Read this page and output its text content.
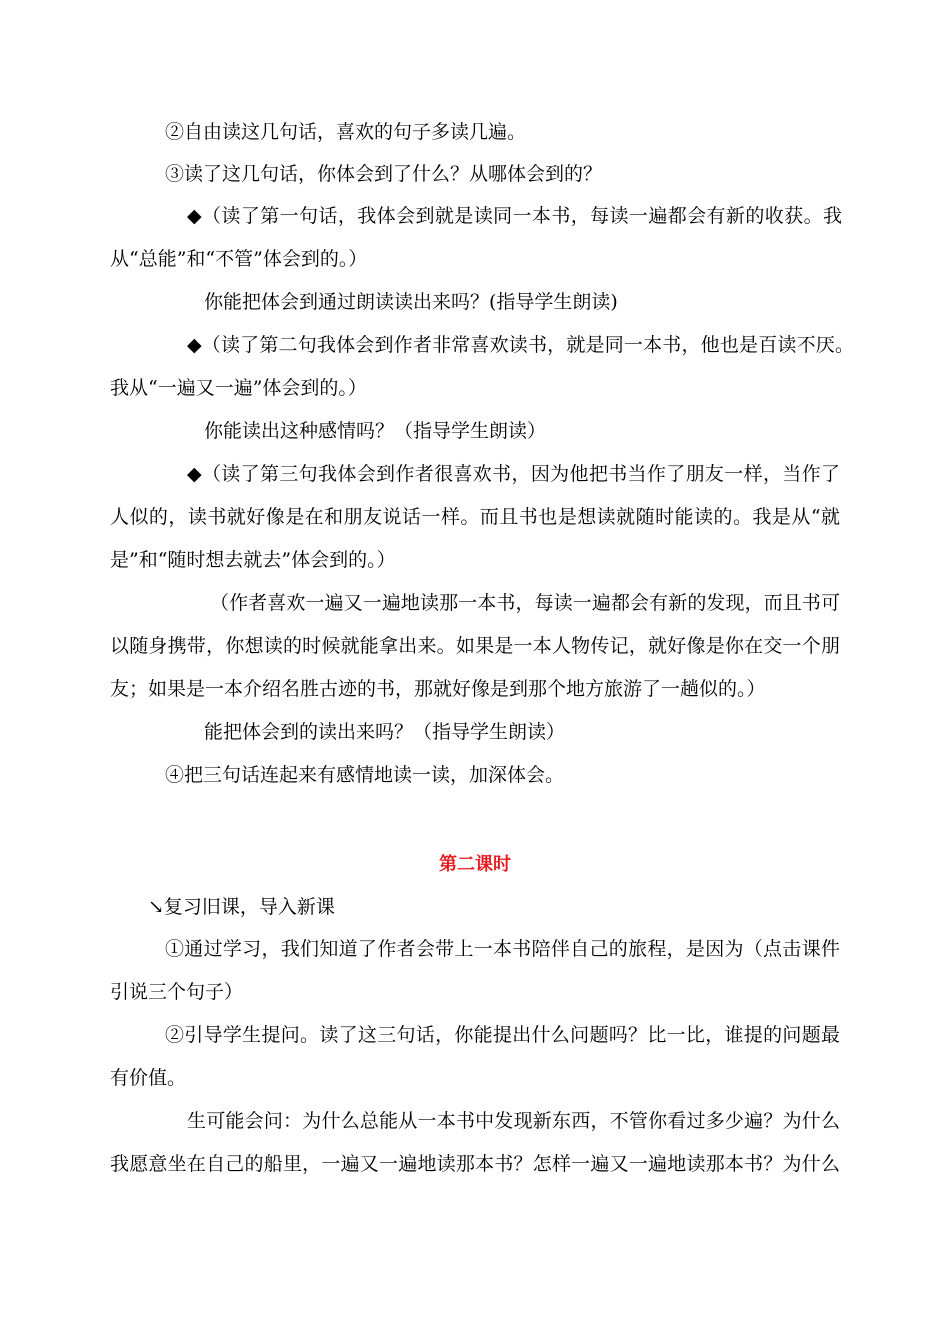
②自由读这几句话，喜欢的句子多读几遍。
③读了这几句话，你体会到了什么？从哪体会到的？
◆（读了第一句话，我体会到就是读同一本书，每读一遍都会有新的收获。我
从“总能”和“不管”体会到的。）
你能把体会到通过朗读读出来吗？(指导学生朗读)
◆（读了第二句我体会到作者非常喜欢读书，就是同一本书，他也是百读不厌。
我从“一遍又一遍”体会到的。）
你能读出这种感情吗？（指导学生朗读）
◆（读了第三句我体会到作者很喜欢书，因为他把书当作了朋友一样，当作了
人似的，读书就好像是在和朋友说话一样。而且书也是想读就随时能读的。我是从“就
是”和“随时想去就去”体会到的。）
（作者喜欢一遍又一遍地读那一本书，每读一遍都会有新的发现，而且书可
以随身携带，你想读的时候就能拿出来。如果是一本人物传记，就好像是你在交一个朋
友；如果是一本介绍名胜古迹的书，那就好像是到那个地方旅游了一趟似的。）
能把体会到的读出来吗？（指导学生朗读）
④把三句话连起来有感情地读一读，加深体会。
第二课时
↘复习旧课，导入新课
①通过学习，我们知道了作者会带上一本书陪伴自己的旅程，是因为（点击课件
引说三个句子）
②引导学生提问。读了这三句话，你能提出什么问题吗？比一比，谁提的问题最
有价值。
生可能会问：为什么总能从一本书中发现新东西，不管你看过多少遍？为什么
我愿意坐在自己的船里，一遍又一遍地读那本书？怎样一遍又一遍地读那本书？为什么
